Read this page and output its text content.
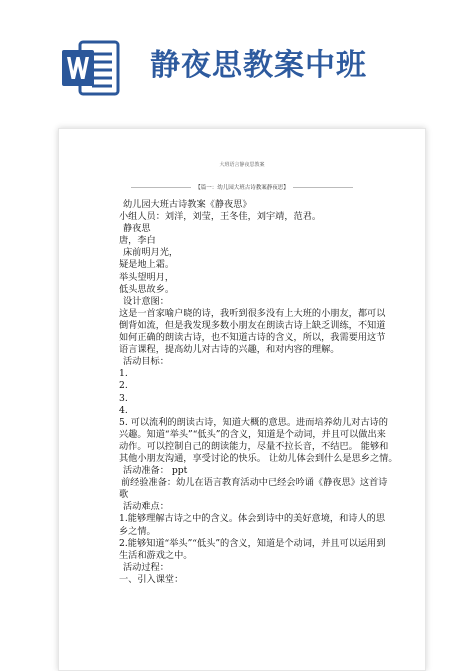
静夜思教案中班
大班语言静夜思教案
【篇一：幼儿园大班古诗教案静夜思】

幼儿园大班古诗教案《静夜思》

小组人员：刘洋，刘莹，王冬佳，刘宇靖，范君。

静夜思

唐，李白

床前明月光，

疑是地上霜。

举头望明月，

低头思故乡。

设计意图：

这是一首家喻户晓的诗，我听到很多没有上大班的小朋友，都可以

倒背如流，但是我发现多数小朋友在朗读古诗上缺乏训练，不知道

如何正确的朗读古诗，也不知道古诗的含义，所以，我需要用这节

语言课程，提高幼儿对古诗的兴趣，和对内容的理解。

活动目标：

1.

2.

3.

4.

5. 可以流利的朗读古诗，知道大概的意思。进而培养幼儿对古诗的

兴趣。知道“举头”“低头”的含义，知道是个动词，并且可以做出来

动作。可以控制自己的朗读能力，尽量不拉长音，不结巴。 能够和

其他小朋友沟通，享受讨论的快乐。 让幼儿体会到什么是思乡之情。

活动准备： ppt

前经验准备：幼儿在语言教育活动中已经会吟诵《静夜思》这首诗

歌

活动难点：

1.能够理解古诗之中的含义。体会到诗中的美好意境，和诗人的思

乡之情。

2.能够知道“举头”“低头”的含义，知道是个动词，并且可以运用到

生活和游戏之中。

活动过程：

一、引入课堂：
